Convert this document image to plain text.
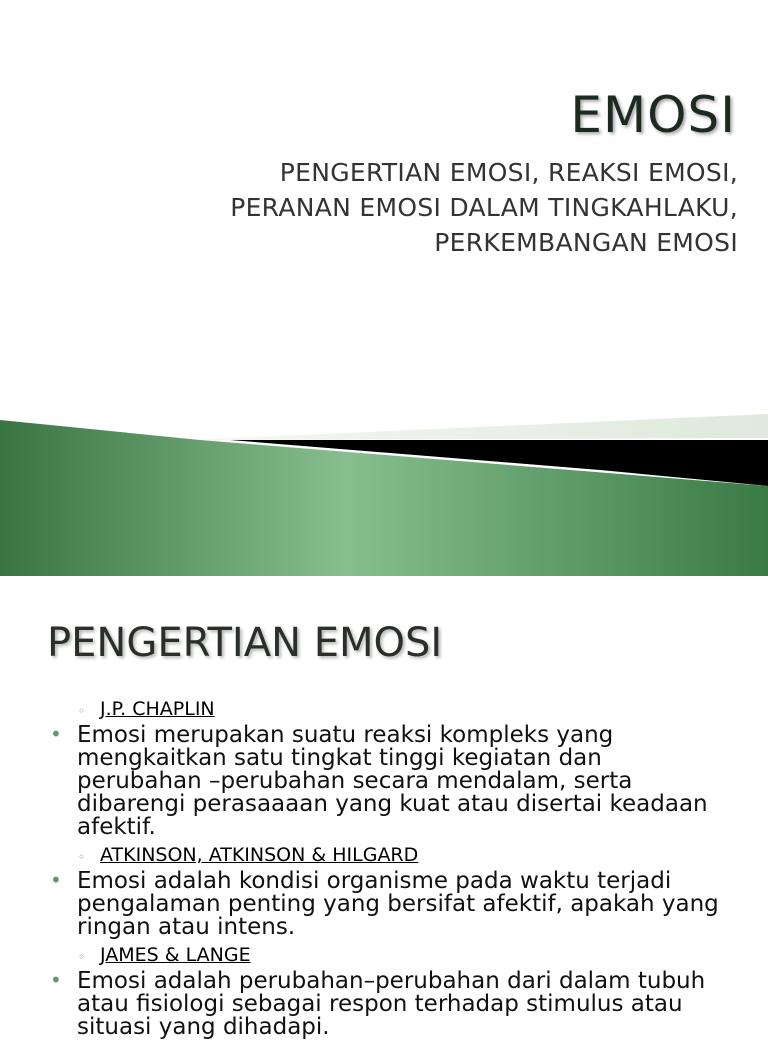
EMOSI
PENGERTIAN EMOSI, REAKSI EMOSI,
PERANAN EMOSI DALAM TINGKAHLAKU,
PERKEMBANGAN EMOSI
PENGERTIAN EMOSI
◦ J.P. CHAPLIN
• Emosi merupakan suatu reaksi kompleks yang mengkaitkan satu tingkat tinggi kegiatan dan perubahan –perubahan secara mendalam, serta dibarengi perasaaaan yang kuat atau disertai keadaan afektif.
◦ ATKINSON, ATKINSON & HILGARD
• Emosi adalah kondisi organisme pada waktu terjadi pengalaman penting yang bersifat afektif, apakah yang ringan atau intens.
◦ JAMES & LANGE
• Emosi adalah perubahan–perubahan dari dalam tubuh atau fisiologi sebagai respon terhadap stimulus atau situasi yang dihadapi.
